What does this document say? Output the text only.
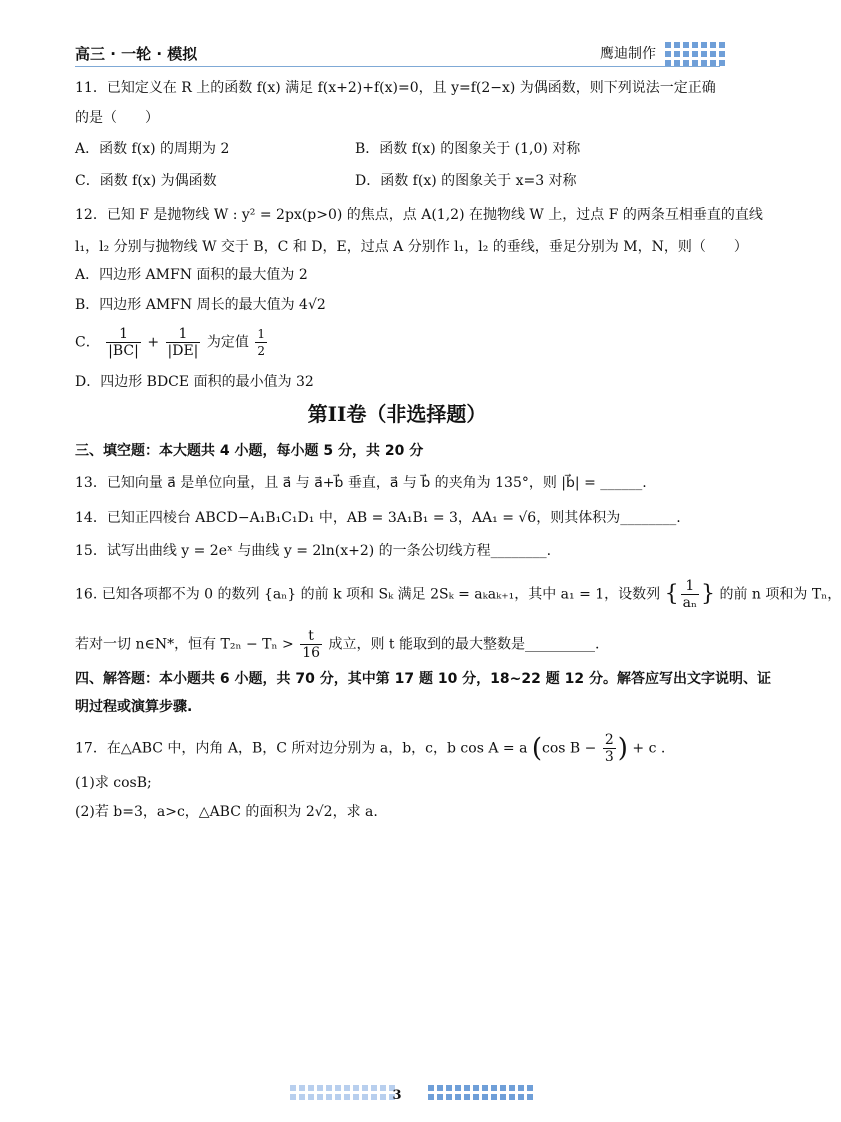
高三 · 一轮 · 模拟	鹰迪制作
11．已知定义在 R 上的函数 f(x) 满足 f(x+2)+f(x)=0，且 y=f(2−x) 为偶函数，则下列说法一定正确
的是（　　）
A．函数 f(x) 的周期为 2	B．函数 f(x) 的图象关于 (1,0) 对称
C．函数 f(x) 为偶函数	D．函数 f(x) 的图象关于 x=3 对称
12．已知 F 是抛物线 W : y² = 2px(p>0) 的焦点，点 A(1,2) 在抛物线 W 上，过点 F 的两条互相垂直的直线
l₁，l₂ 分别与抛物线 W 交于 B，C 和 D，E，过点 A 分别作 l₁，l₂ 的垂线，垂足分别为 M，N，则（　　）
A．四边形 AMFN 面积的最大值为 2
B．四边形 AMFN 周长的最大值为 4√2
C． $\frac{1}{|BC|} + \frac{1}{|DE|}$ 为定值 $\frac{1}{2}$
D．四边形 BDCE 面积的最小值为 32
第II卷（非选择题）
三、填空题：本大题共 4 小题，每小题 5 分，共 20 分
13．已知向量 a⃗ 是单位向量，且 a⃗ 与 a⃗+b⃗ 垂直，a⃗ 与 b⃗ 的夹角为 135°，则 |b⃗| = ______.
14．已知正四棱台 ABCD−A₁B₁C₁D₁ 中，AB = 3A₁B₁ = 3，AA₁ = √6，则其体积为________.
15．试写出曲线 y = 2eˣ 与曲线 y = 2ln(x+2) 的一条公切线方程________.
16. 已知各项都不为 0 的数列 {aₙ} 的前 k 项和 Sₖ 满足 2Sₖ = aₖaₖ₊₁，其中 a₁ = 1，设数列 { $\frac{1}{\text{aₙ}}$ } 的前 n 项和为 Tₙ，
若对一切 n∈N*，恒有 $T_{2n} - T_n > \frac{t}{16}$ 成立，则 t 能取到的最大整数是__________.
四、解答题：本小题共 6 小题，共 70 分，其中第 17 题 10 分，18~22 题 12 分。解答应写出文字说明、证
明过程或演算步骤.
17．在△ABC 中，内角 A，B，C 所对边分别为 a，b，c，b cos A = a (cos $B - \frac{2}{3}$ ) + c .
(1)求 cosB;
(2)若 b=3，a>c，△ABC 的面积为 2√2，求 a.
3
